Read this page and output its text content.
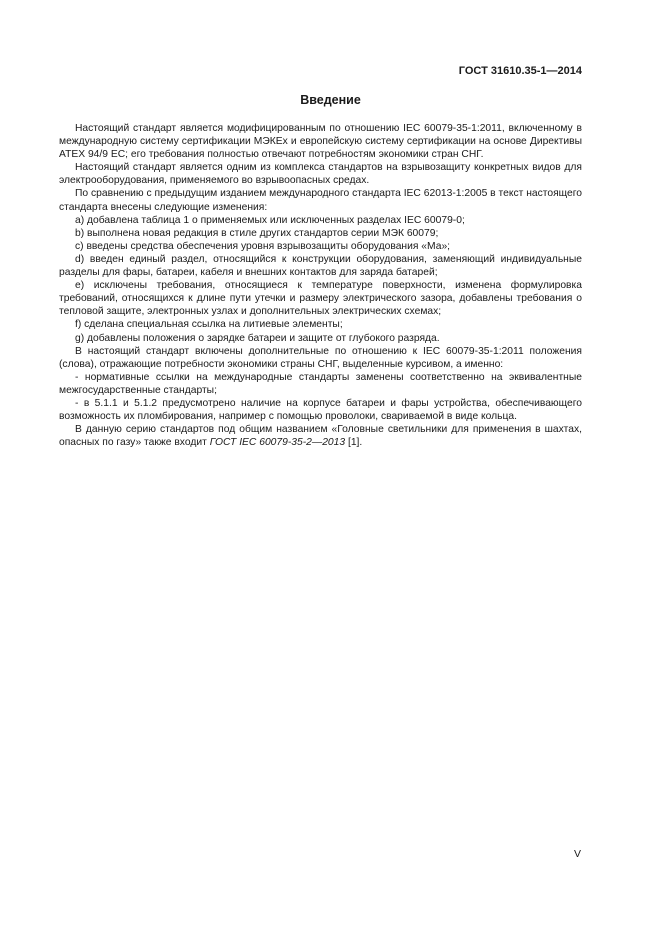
ГОСТ 31610.35-1—2014
Введение

Настоящий стандарт является модифицированным по отношению IEC 60079-35-1:2011, включенному в международную систему сертификации МЭКЕх и европейскую систему сертификации на основе Директивы АТЕХ 94/9 ЕС; его требования полностью отвечают потребностям экономики стран СНГ.

Настоящий стандарт является одним из комплекса стандартов на взрывозащиту конкретных видов для электрооборудования, применяемого во взрывоопасных средах.

По сравнению с предыдущим изданием международного стандарта IEC 62013-1:2005 в текст настоящего стандарта внесены следующие изменения:

a) добавлена таблица 1 о применяемых или исключенных разделах IEC 60079-0;

b) выполнена новая редакция в стиле других стандартов серии МЭК 60079;

c) введены средства обеспечения уровня взрывозащиты оборудования «Ма»;

d) введен единый раздел, относящийся к конструкции оборудования, заменяющий индивидуальные разделы для фары, батареи, кабеля и внешних контактов для заряда батарей;

e) исключены требования, относящиеся к температуре поверхности, изменена формулировка требований, относящихся к длине пути утечки и размеру электрического зазора, добавлены требования о тепловой защите, электронных узлах и дополнительных электрических схемах;

f) сделана специальная ссылка на литиевые элементы;

g) добавлены положения о зарядке батареи и защите от глубокого разряда.

В настоящий стандарт включены дополнительные по отношению к IEC 60079-35-1:2011 положения (слова), отражающие потребности экономики страны СНГ, выделенные курсивом, а именно:

- нормативные ссылки на международные стандарты заменены соответственно на эквивалентные межгосударственные стандарты;

- в 5.1.1 и 5.1.2 предусмотрено наличие на корпусе батареи и фары устройства, обеспечивающего возможность их пломбирования, например с помощью проволоки, свариваемой в виде кольца.

В данную серию стандартов под общим названием «Головные светильники для применения в шахтах, опасных по газу» также входит ГОСТ IEC 60079-35-2—2013 [1].

V
